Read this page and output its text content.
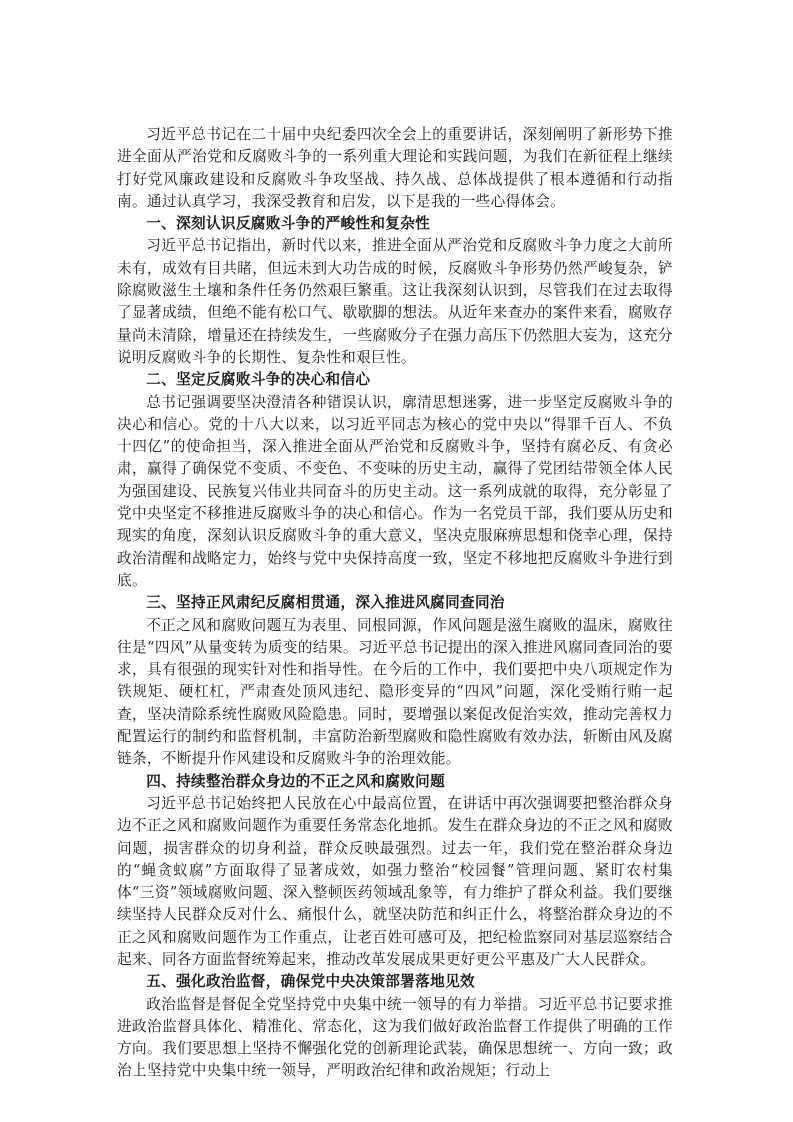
习近平总书记在二十届中央纪委四次全会上的重要讲话，深刻阐明了新形势下推进全面从严治党和反腐败斗争的一系列重大理论和实践问题，为我们在新征程上继续打好党风廉政建设和反腐败斗争攻坚战、持久战、总体战提供了根本遵循和行动指南。通过认真学习，我深受教育和启发，以下是我的一些心得体会。

一、深刻认识反腐败斗争的严峻性和复杂性

习近平总书记指出，新时代以来，推进全面从严治党和反腐败斗争力度之大前所未有，成效有目共睹，但远未到大功告成的时候，反腐败斗争形势仍然严峻复杂，铲除腐败滋生土壤和条件任务仍然艰巨繁重。这让我深刻认识到，尽管我们在过去取得了显著成绩，但绝不能有松口气、歇歇脚的想法。从近年来查办的案件来看，腐败存量尚未清除，增量还在持续发生，一些腐败分子在强力高压下仍然胆大妄为，这充分说明反腐败斗争的长期性、复杂性和艰巨性。

二、坚定反腐败斗争的决心和信心

总书记强调要坚决澄清各种错误认识，廓清思想迷雾，进一步坚定反腐败斗争的决心和信心。党的十八大以来，以习近平同志为核心的党中央以“得罪千百人、不负十四亿”的使命担当，深入推进全面从严治党和反腐败斗争，坚持有腐必反、有贪必肃，赢得了确保党不变质、不变色、不变味的历史主动，赢得了党团结带领全体人民为强国建设、民族复兴伟业共同奋斗的历史主动。这一系列成就的取得，充分彰显了党中央坚定不移推进反腐败斗争的决心和信心。作为一名党员干部，我们要从历史和现实的角度，深刻认识反腐败斗争的重大意义，坚决克服麻痹思想和侥幸心理，保持政治清醒和战略定力，始终与党中央保持高度一致，坚定不移地把反腐败斗争进行到底。

三、坚持正风肃纪反腐相贯通，深入推进风腐同查同治

不正之风和腐败问题互为表里、同根同源，作风问题是滋生腐败的温床，腐败往往是“四风”从量变转为质变的结果。习近平总书记提出的深入推进风腐同查同治的要求，具有很强的现实针对性和指导性。在今后的工作中，我们要把中央八项规定作为铁规矩、硬杠杠，严肃查处顶风违纪、隐形变异的“四风”问题，深化受贿行贿一起查，坚决清除系统性腐败风险隐患。同时，要增强以案促改促治实效，推动完善权力配置运行的制约和监督机制，丰富防治新型腐败和隐性腐败有效办法，斩断由风及腐链条，不断提升作风建设和反腐败斗争的治理效能。

四、持续整治群众身边的不正之风和腐败问题

习近平总书记始终把人民放在心中最高位置，在讲话中再次强调要把整治群众身边不正之风和腐败问题作为重要任务常态化地抓。发生在群众身边的不正之风和腐败问题，损害群众的切身利益，群众反映最强烈。过去一年，我们党在整治群众身边的“蝇贪蚁腐”方面取得了显著成效，如强力整治“校园餐”管理问题、紧盯农村集体“三资”领域腐败问题、深入整顿医药领域乱象等，有力维护了群众利益。我们要继续坚持人民群众反对什么、痛恨什么，就坚决防范和纠正什么，将整治群众身边的不正之风和腐败问题作为工作重点，让老百姓可感可及，把纪检监察同对基层巡察结合起来、同各方面监督统筹起来，推动改革发展成果更好更公平惠及广大人民群众。

五、强化政治监督，确保党中央决策部署落地见效

政治监督是督促全党坚持党中央集中统一领导的有力举措。习近平总书记要求推进政治监督具体化、精准化、常态化，这为我们做好政治监督工作提供了明确的工作方向。我们要思想上坚持不懈强化党的创新理论武装，确保思想统一、方向一致；政治上坚持党中央集中统一领导，严明政治纪律和政治规矩；行动上
